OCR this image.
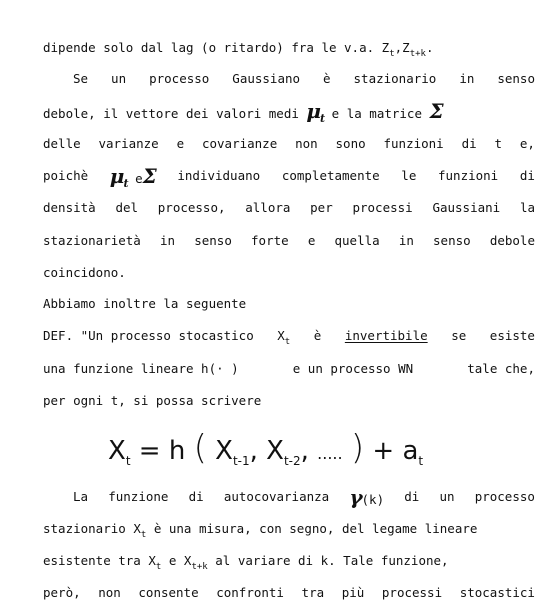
dipende solo dal lag (o ritardo) fra le v.a. $Z_t,Z_{t+k}$.
Se un processo Gaussiano è stazionario in senso
debole, il vettore dei valori medi $\mu_t$ e la matrice Σ
delle varianze e covarianze non sono funzioni di t e,
poichè $\mu_t$ eΣ individuano completamente le funzioni di
densità del processo, allora per processi Gaussiani la
stazionarietà in senso forte e quella in senso debole
coincidono.
Abbiamo inoltre la seguente
DEF. "Un processo stocastico $X_t$ è invertibile se esiste
una funzione lineare h(· )	e un processo WN	tale che,
per ogni t, si possa scrivere
$X_t = h$ ( $X_{t-1}$, $X_{t-2}$, ..... ) + $a_t$
La funzione di autocovarianza γ(k) di un processo
stazionario $X_t$ è una misura, con segno, del legame lineare
esistente tra $X_t$ e $X_{t+k}$ al variare di k. Tale funzione,
però, non consente confronti tra più processi stocastici
